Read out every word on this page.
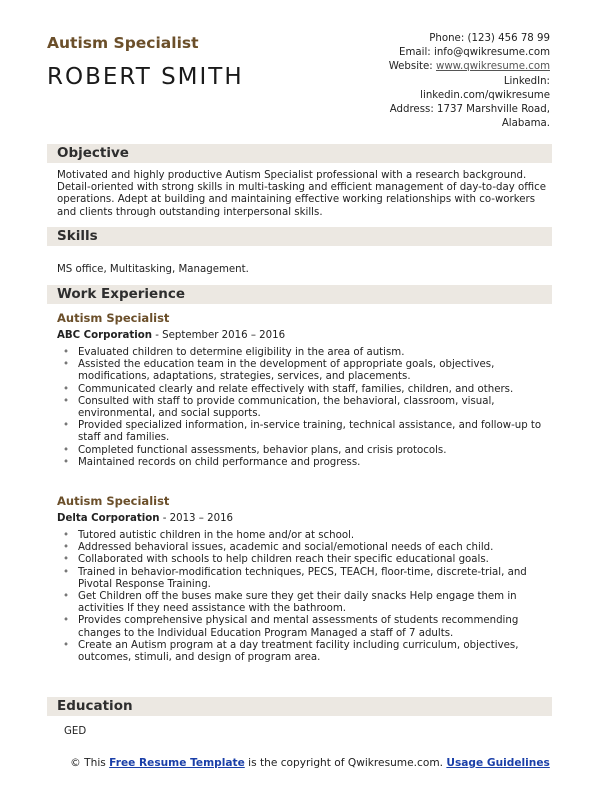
Autism Specialist
ROBERT SMITH
Phone: (123) 456 78 99
Email: info@qwikresume.com
Website: www.qwikresume.com
LinkedIn:
linkedin.com/qwikresume
Address: 1737 Marshville Road,
Alabama.
Objective
Motivated and highly productive Autism Specialist professional with a research background. Detail-oriented with strong skills in multi-tasking and efficient management of day-to-day office operations. Adept at building and maintaining effective working relationships with co-workers and clients through outstanding interpersonal skills.
Skills
MS office, Multitasking, Management.
Work Experience
Autism Specialist
ABC Corporation - September 2016 – 2016
• Evaluated children to determine eligibility in the area of autism.
• Assisted the education team in the development of appropriate goals, objectives, modifications, adaptations, strategies, services, and placements.
• Communicated clearly and relate effectively with staff, families, children, and others.
• Consulted with staff to provide communication, the behavioral, classroom, visual, environmental, and social supports.
• Provided specialized information, in-service training, technical assistance, and follow-up to staff and families.
• Completed functional assessments, behavior plans, and crisis protocols.
• Maintained records on child performance and progress.
Autism Specialist
Delta Corporation - 2013 – 2016
• Tutored autistic children in the home and/or at school.
• Addressed behavioral issues, academic and social/emotional needs of each child.
• Collaborated with schools to help children reach their specific educational goals.
• Trained in behavior-modification techniques, PECS, TEACH, floor-time, discrete-trial, and Pivotal Response Training.
• Get Children off the buses make sure they get their daily snacks Help engage them in activities If they need assistance with the bathroom.
• Provides comprehensive physical and mental assessments of students recommending changes to the Individual Education Program Managed a staff of 7 adults.
• Create an Autism program at a day treatment facility including curriculum, objectives, outcomes, stimuli, and design of program area.
Education
GED
© This Free Resume Template is the copyright of Qwikresume.com. Usage Guidelines
